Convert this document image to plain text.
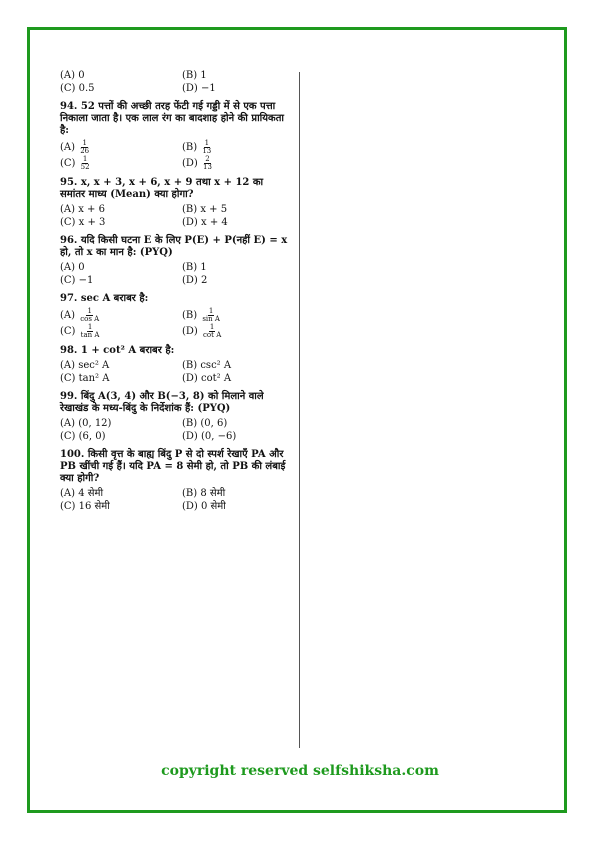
(A) 0	(B) 1
(C) 0.5	(D) −1
94. 52 पत्तों की अच्छी तरह फेंटी गई गड्डी में से एक पत्ता निकाला जाता है। एक लाल रंग का बादशाह होने की प्रायिकता है:
$(A) \frac{1}{26}$	$(B) \frac{1}{13}$
$(C) \frac{1}{52}$	$(D) \frac{2}{13}$
95. x, x + 3, x + 6, x + 9 तथा x + 12 का समांतर माध्य (Mean) क्या होगा?
(A) x + 6	(B) x + 5
(C) x + 3	(D) x + 4
96. यदि किसी घटना E के लिए P(E) + P(नहीं E) = x हो, तो x का मान है: (PYQ)
(A) 0	(B) 1
(C) −1	(D) 2
97. sec A बराबर है:
$(A) \frac{1}{\text{cos A}}$	$(B) \frac{1}{\text{sin A}}$
$(C) \frac{1}{\text{tan A}}$	$(D) \frac{1}{\text{cot A}}$
98. 1 + cot² A बराबर है:
(A) sec² A	(B) csc² A
(C) tan² A	(D) cot² A
99. बिंदु A(3, 4) और B(−3, 8) को मिलाने वाले रेखाखंड के मध्य-बिंदु के निर्देशांक हैं: (PYQ)
(A) (0, 12)	(B) (0, 6)
(C) (6, 0)	(D) (0, −6)
100. किसी वृत्त के बाह्य बिंदु P से दो स्पर्श रेखाएँ PA और PB खींची गई हैं। यदि PA = 8 सेमी हो, तो PB की लंबाई क्या होगी?
(A) 4 सेमी	(B) 8 सेमी
(C) 16 सेमी	(D) 0 सेमी
copyright reserved selfshiksha.com
